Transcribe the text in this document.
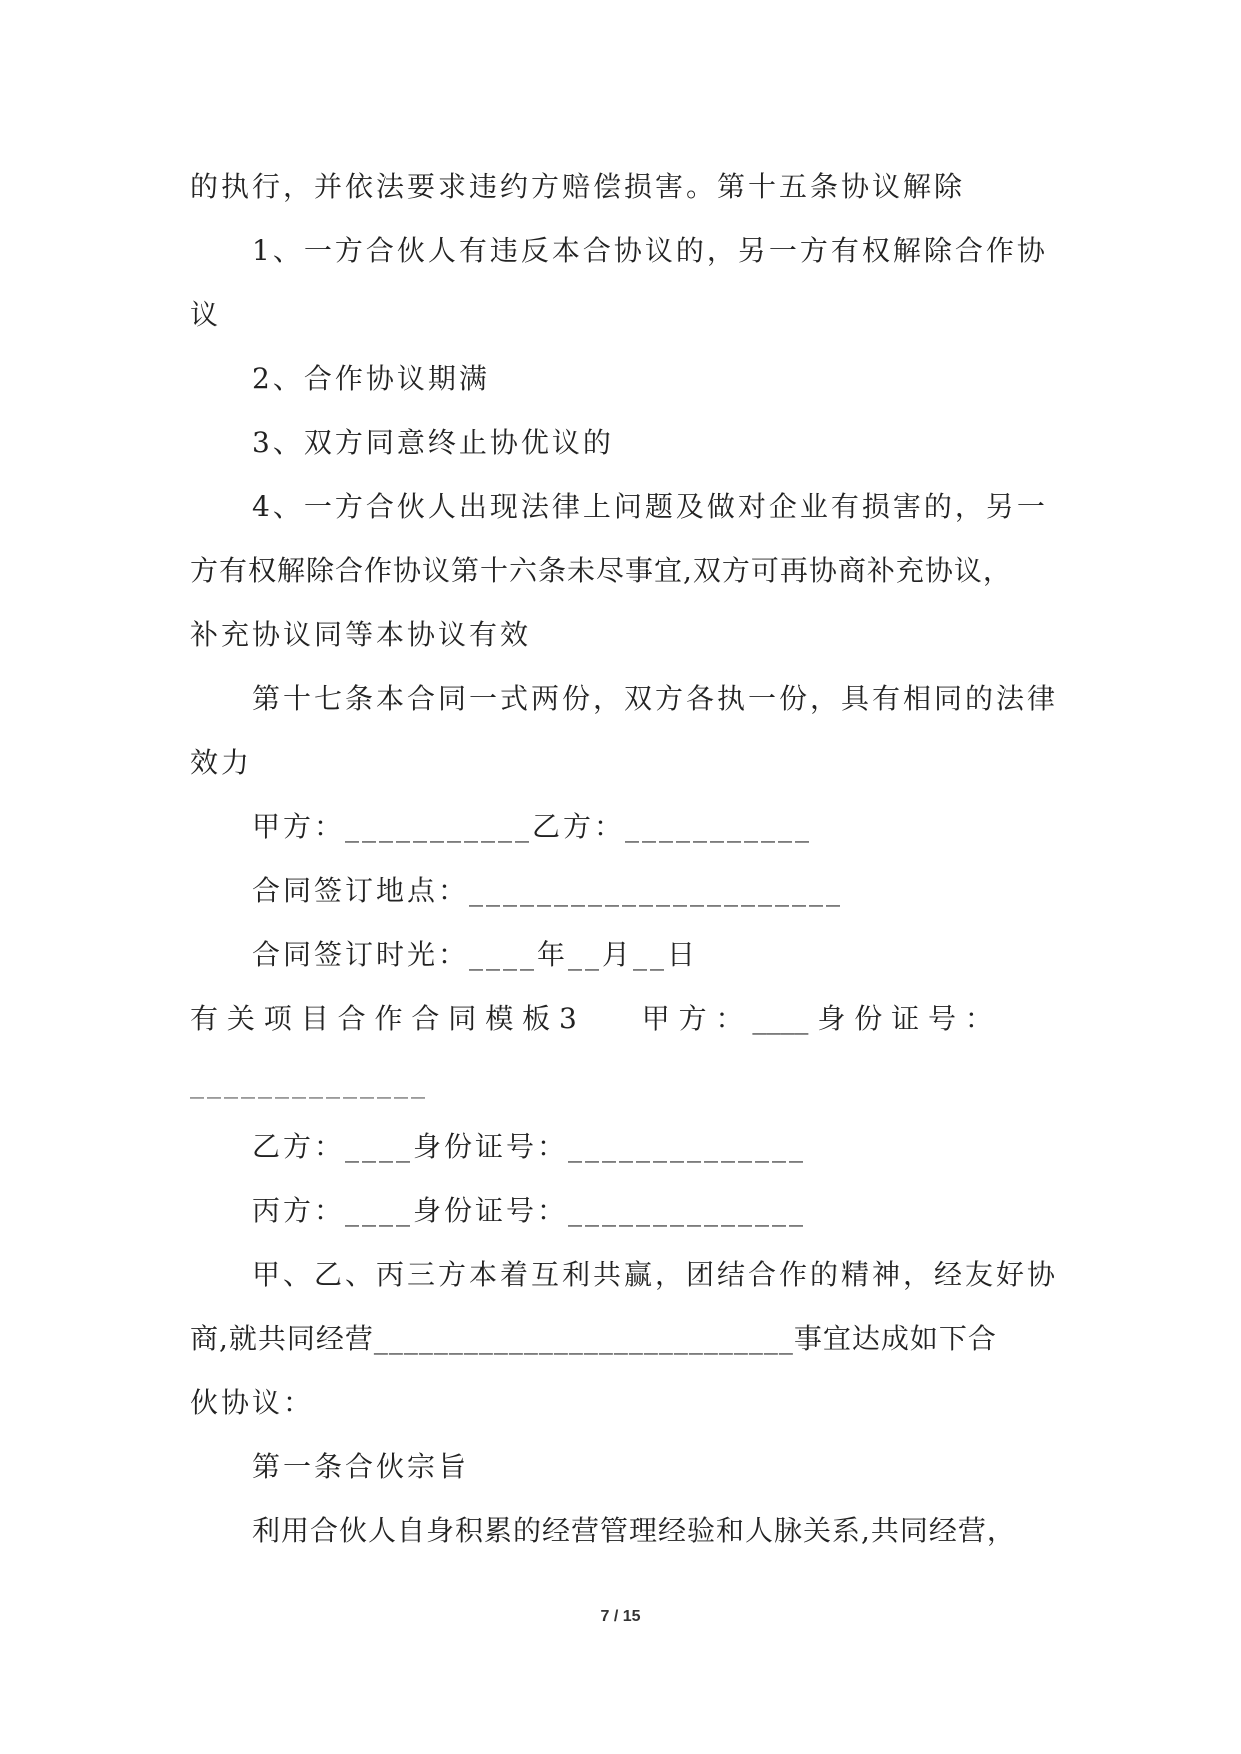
的执行，并依法要求违约方赔偿损害。第十五条协议解除

1、一方合伙人有违反本合协议的，另一方有权解除合作协

议

2、合作协议期满

3、双方同意终止协优议的

4、一方合伙人出现法律上问题及做对企业有损害的，另一

方有权解除合作协议第十六条未尽事宜,双方可再协商补充协议，

补充协议同等本协议有效

第十七条本合同一式两份，双方各执一份，具有相同的法律

效力

甲方：___________乙方：___________

合同签订地点：______________________

合同签订时光：____年__月__日

有 关 项 目 合 作 合 同 模 板 3　　 甲 方 ： ____ 身 份 证 号 ：

______________

乙方：____身份证号：______________

丙方：____身份证号：______________

甲、乙、丙三方本着互利共赢，团结合作的精神，经友好协

商,就共同经营____________________________事宜达成如下合

伙协议：

第一条合伙宗旨

利用合伙人自身积累的经营管理经验和人脉关系,共同经营，

7 / 15
